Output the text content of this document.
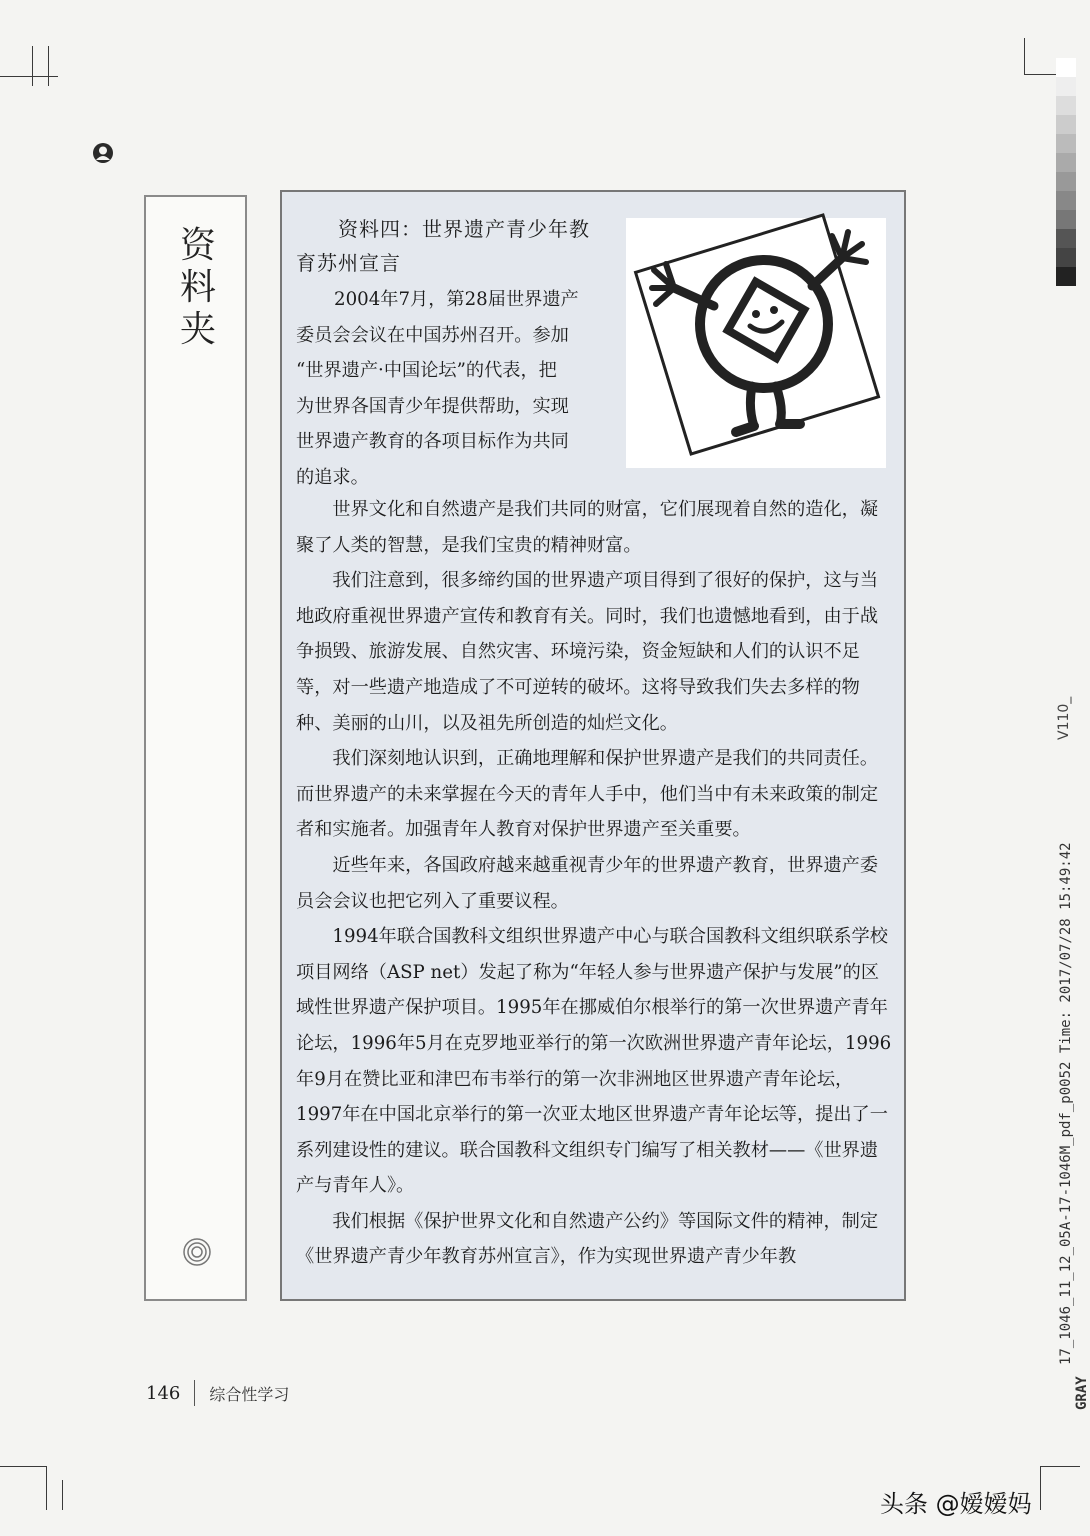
资料夹
资料四：世界遗产青少年教
育苏州宣言
2004年7月，第28届世界遗产
委员会会议在中国苏州召开。参加
“世界遗产·中国论坛”的代表，把
为世界各国青少年提供帮助，实现
世界遗产教育的各项目标作为共同
的追求。

世界文化和自然遗产是我们共同的财富，它们展现着自然的造化，凝聚了人类的智慧，是我们宝贵的精神财富。

我们注意到，很多缔约国的世界遗产项目得到了很好的保护，这与当地政府重视世界遗产宣传和教育有关。同时，我们也遗憾地看到，由于战争损毁、旅游发展、自然灾害、环境污染，资金短缺和人们的认识不足等，对一些遗产地造成了不可逆转的破坏。这将导致我们失去多样的物种、美丽的山川，以及祖先所创造的灿烂文化。

我们深刻地认识到，正确地理解和保护世界遗产是我们的共同责任。而世界遗产的未来掌握在今天的青年人手中，他们当中有未来政策的制定者和实施者。加强青年人教育对保护世界遗产至关重要。

近些年来，各国政府越来越重视青少年的世界遗产教育，世界遗产委员会会议也把它列入了重要议程。

1994年联合国教科文组织世界遗产中心与联合国教科文组织联系学校项目网络（ASP net）发起了称为“年轻人参与世界遗产保护与发展”的区域性世界遗产保护项目。1995年在挪威伯尔根举行的第一次世界遗产青年论坛，1996年5月在克罗地亚举行的第一次欧洲世界遗产青年论坛，1996年9月在赞比亚和津巴布韦举行的第一次非洲地区世界遗产青年论坛，1997年在中国北京举行的第一次亚太地区世界遗产青年论坛等，提出了一系列建设性的建议。联合国教科文组织专门编写了相关教材——《世界遗产与青年人》。

我们根据《保护世界文化和自然遗产公约》等国际文件的精神，制定《世界遗产青少年教育苏州宣言》，作为实现世界遗产青少年教

146 综合性学习
V110_
17_1046_11_12_05A-17-1046M_pdf_p0052 Time: 2017/07/28 15:49:42
GRAY
头条 @嫒嫒妈
